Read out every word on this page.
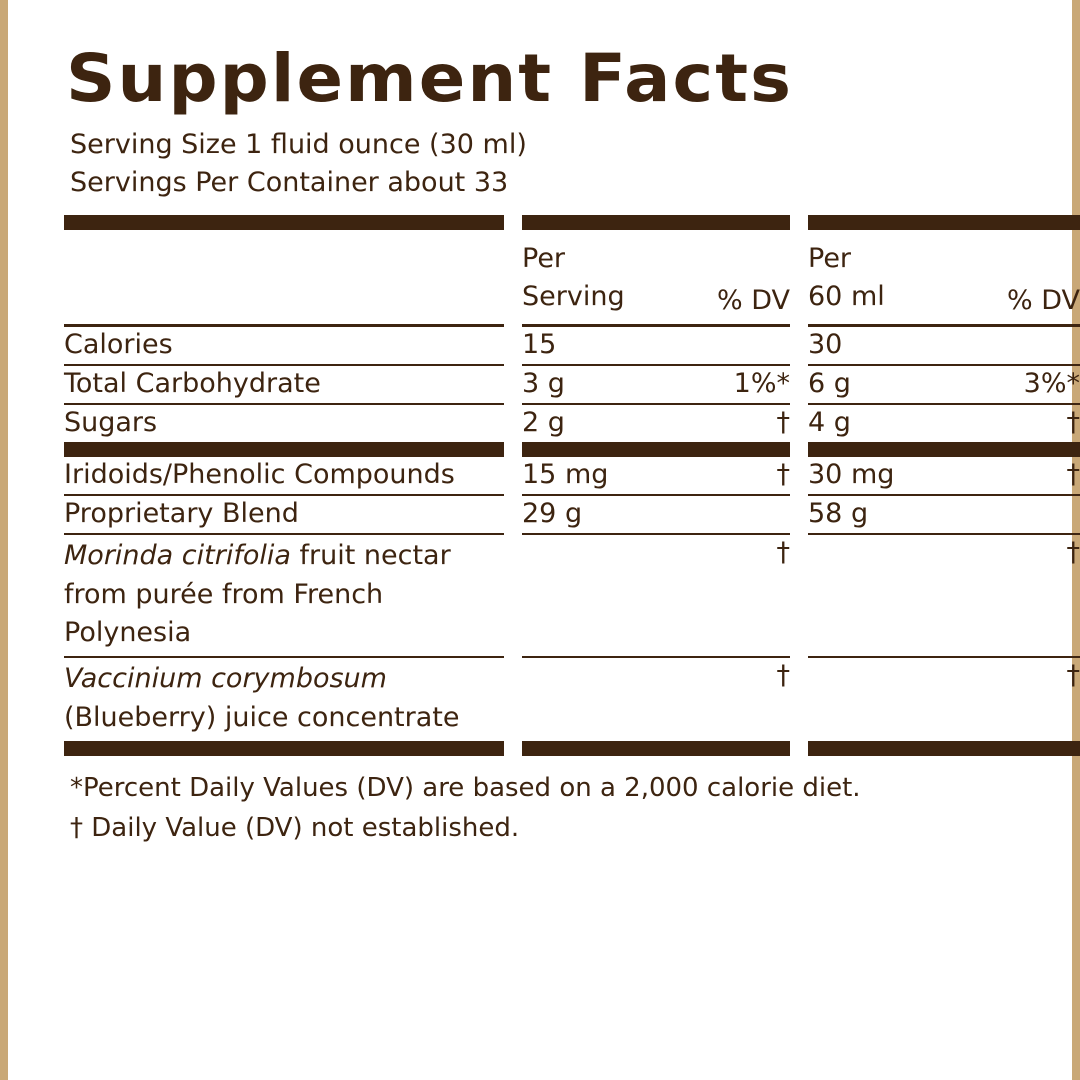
Supplement Facts
Serving Size 1 fluid ounce (30 ml)
Servings Per Container about 33

Per
Serving	% DV		
Per
60 ml	% DV

Calories		15			30	

Total Carbohydrate		3 g	1%*		6 g	3%*

Sugars		2 g	†		4 g	†

Iridoids/Phenolic Compounds		15 mg	†		30 mg	†

Proprietary Blend		29 g			58 g	

Morinda citrifolia fruit nectar from purée from French Polynesia			†			†

Vaccinium corymbosum (Blueberry) juice concentrate			†			†

*Percent Daily Values (DV) are based on a 2,000 calorie diet.
† Daily Value (DV) not established.
